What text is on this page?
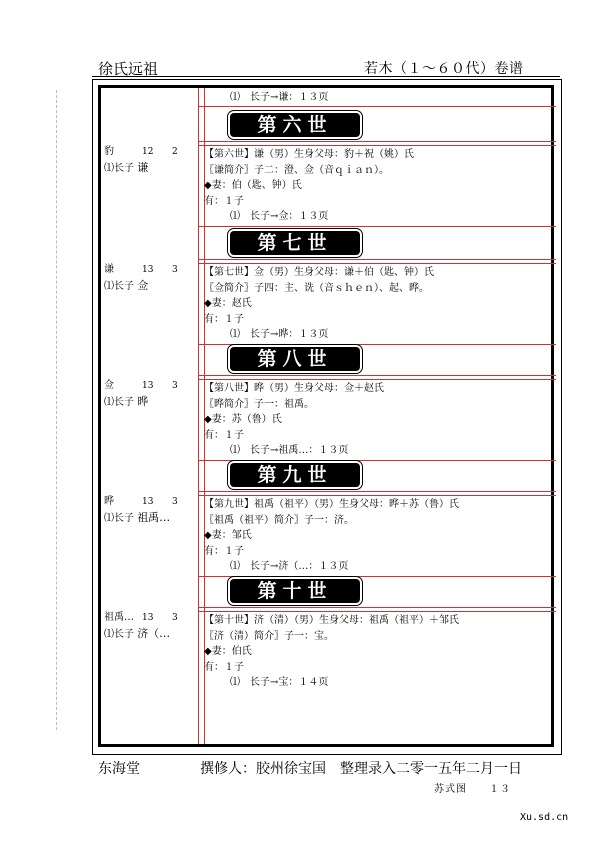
徐氏远祖	若木（１～６０代）卷谱
⑴　长子→谦：１３页
第六世
【第六世】谦（男）生身父母：豹＋祝（姚）氏
〖谦简介〗子二：澄、佥（音ｑｉａｎ）。
◆妻：伯（匙、钟）氏
有：１子
⑴　长子→佥：１３页
豹	12 2
⑴长子 谦
第七世
【第七世】佥（男）生身父母：谦＋伯（匙、钟）氏
〖佥简介〗子四：主、诜（音ｓｈｅｎ）、起、晔。
◆妻：赵氏
有：１子
⑴　长子→晔：１３页
谦	13 3
⑴长子 佥
第八世
【第八世】晔（男）生身父母：佥＋赵氏
〖晔简介〗子一：祖禹。
◆妻：苏（鲁）氏
有：１子
⑴　长子→祖禹…：１３页
佥	13 3
⑴长子 晔
第九世
【第九世】祖禹（祖平）（男）生身父母：晔＋苏（鲁）氏
〖祖禹（祖平）简介〗子一：济。
◆妻：邹氏
有：１子
⑴　长子→济（…：１３页
晔	13 3
⑴长子 祖禹…
第十世
【第十世】济（清）（男）生身父母：祖禹（祖平）＋邹氏
〖济（清）简介〗子一：宝。
◆妻：伯氏
有：１子
⑴　长子→宝：１４页
祖禹… 13 3
⑴长子 济（…
东海堂	撰修人：胶州徐宝国　整理录入二零一五年二月一日
苏式图　　１３
Xu.sd.cn
